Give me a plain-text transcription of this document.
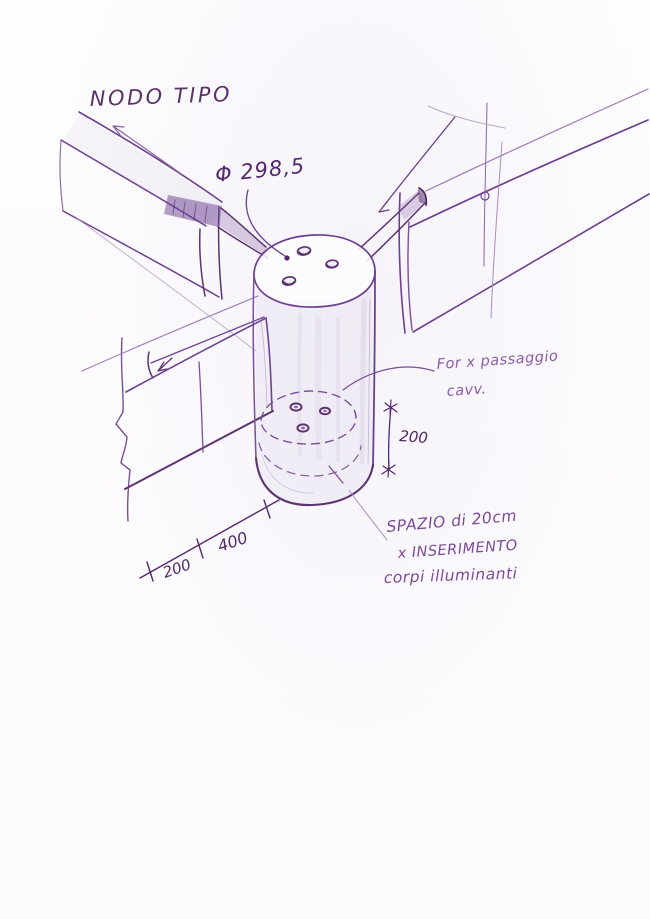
NODO TIPO
Φ 298,5
For x passaggio
cavv.
200
SPAZIO di 20cm
x INSERIMENTO
corpi illuminanti
200
400
